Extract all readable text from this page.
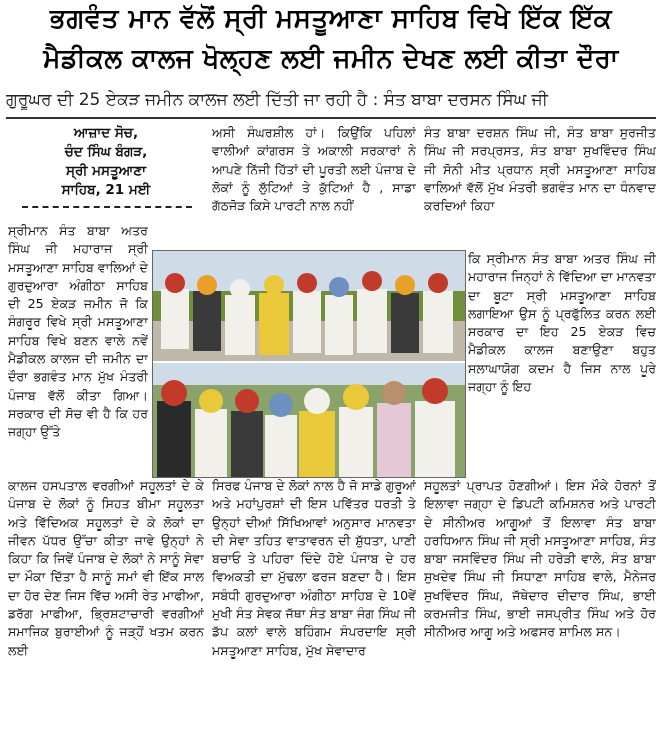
ਭਗਵੰਤ ਮਾਨ ਵੱਲੋਂ ਸ੍ਰੀ ਮਸਤੂਆਣਾ ਸਾਹਿਬ ਵਿਖੇ ਇੱਕ ਇੱਕ
ਮੈਡੀਕਲ ਕਾਲਜ ਖੋਲ੍ਹਣ ਲਈ ਜਮੀਨ ਦੇਖਣ ਲਈ ਕੀਤਾ ਦੌਰਾ
ਗੁਰੂਘਰ ਦੀ 25 ਏਕੜ ਜਮੀਨ ਕਾਲਜ ਲਈ ਦਿੱਤੀ ਜਾ ਰਹੀ ਹੈ : ਸੰਤ ਬਾਬਾ ਦਰਸਨ ਸਿੰਘ ਜੀ
ਆਜ਼ਾਦ ਸੋਚ,
ਚੰਦ ਸਿੰਘ ਬੰਗੜ,
ਸ੍ਰੀ ਮਸਤੂਆਣਾ
ਸਾਹਿਬ, 21 ਮਈ
ਸ੍ਰੀਮਾਨ ਸੰਤ ਬਾਬਾ ਅਤਰ ਸਿੰਘ ਜੀ ਮਹਾਰਾਜ ਸ੍ਰੀ ਮਸਤੂਆਣਾ ਸਾਹਿਬ ਵਾਲਿਆਂ ਦੇ ਗੁਰਦੁਆਰਾ ਅੰਗੀਠਾ ਸਾਹਿਬ ਦੀ 25 ਏਕੜ ਜਮੀਨ ਜੋ ਕਿ ਸੰਗਰੂਰ ਵਿਖੇ ਸ੍ਰੀ ਮਸਤੂਆਣਾ ਸਾਹਿਬ ਵਿਖੇ ਬਣਨ ਵਾਲੇ ਨਵੇਂ ਮੈਡੀਕਲ ਕਾਲਜ ਦੀ ਜਮੀਨ ਦਾ ਦੌਰਾ ਭਗਵੰਤ ਮਾਨ ਮੁੱਖ ਮੰਤਰੀ ਪੰਜਾਬ ਵੱਲੋਂ ਕੀਤਾ ਗਿਆ। ਸਰਕਾਰ ਦੀ ਸੋਚ ਵੀ ਹੈ ਕਿ ਹਰ ਜਗ੍ਹਾ ਉੱਤੇ
ਕਾਲਜ ਹਸਪਤਾਲ ਵਰਗੀਆਂ ਸਹੂਲਤਾਂ ਦੇ ਕੇ ਪੰਜਾਬ ਦੇ ਲੋਕਾਂ ਨੂੰ ਸਿਹਤ ਬੀਮਾ ਸਹੂਲਤਾ ਅਤੇ ਵਿੱਦਿਅਕ ਸਹੂਲਤਾਂ ਦੇ ਕੇ ਲੋਕਾਂ ਦਾ ਜੀਵਨ ਪੱਧਰ ਉੱਚਾ ਕੀਤਾ ਜਾਵੇ ਉਨ੍ਹਾਂ ਨੇ ਕਿਹਾ ਕਿ ਜਿਵੇਂ ਪੰਜਾਬ ਦੇ ਲੋਕਾਂ ਨੇ ਸਾਨੂੰ ਸੇਵਾ ਦਾ ਮੌਕਾ ਦਿੱਤਾ ਹੈ ਸਾਨੂੰ ਸਮਾਂ ਵੀ ਇੱਕ ਸਾਲ ਦਾ ਹੋਰ ਦੇਣ ਜਿਸ ਵਿੱਚ ਅਸੀ ਰੇਤ ਮਾਫੀਆ, ਡਰੱਗ ਮਾਫੀਆ, ਭ੍ਰਿਸ਼ਟਾਚਾਰੀ ਵਰਗੀਆਂ ਸਮਾਜਿਕ ਬੁਰਾਈਆਂ ਨੂੰ ਜੜ੍ਹੋਂ ਖਤਮ ਕਰਨ ਲਈ
ਅਸੀ ਸੰਘਰਸ਼ੀਲ ਹਾਂ। ਕਿਉਂਕਿ ਪਹਿਲਾਂ ਵਾਲੀਆਂ ਕਾਂਗਰਸ ਤੇ ਅਕਾਲੀ ਸਰਕਾਰਾਂ ਨੇ ਆਪਣੇ ਨਿੱਜੀ ਹਿੱਤਾਂ ਦੀ ਪੂਰਤੀ ਲਈ ਪੰਜਾਬ ਦੇ ਲੋਕਾਂ ਨੂੰ ਲੁੱਟਿਆਂ ਤੇ ਕੁੱਟਿਆਂ ਹੈ , ਸਾਡਾ ਗੱਠਜੋੜ ਕਿਸੇ ਪਾਰਟੀ ਨਾਲ ਨਹੀਂ
ਸਿਰਫ ਪੰਜਾਬ ਦੇ ਲੋਕਾਂ ਨਾਲ ਹੈ ਜੋ ਸਾਡੇ ਗੁਰੂਆਂ ਅਤੇ ਮਹਾਂਪੁਰਸ਼ਾਂ ਦੀ ਇਸ ਪਵਿੱਤਰ ਧਰਤੀ ਤੇ ਉਨ੍ਹਾਂ ਦੀਆਂ ਸਿੱਖਿਆਵਾਂ ਅਨੁਸਾਰ ਮਾਨਵਤਾ ਦੀ ਸੇਵਾ ਤਹਿਤ ਵਾਤਾਵਰਨ ਦੀ ਸ਼ੁੱਧਤਾ, ਪਾਣੀ ਬਚਾਓ ਤੇ ਪਹਿਰਾ ਦਿੰਦੇ ਹੋਏ ਪੰਜਾਬ ਦੇ ਹਰ ਵਿਅਕਤੀ ਦਾ ਮੁੱਢਲਾ ਫਰਜ ਬਣਦਾ ਹੈ। ਇਸ ਸਬੰਧੀ ਗੁਰਦੁਆਰਾ ਅੰਗੀਠਾ ਸਾਹਿਬ ਦੇ 10ਵੇਂ ਮੁਖੀ ਸੰਤ ਸੇਵਕ ਜੱਥਾ ਸੰਤ ਬਾਬਾ ਜੰਗ ਸਿੰਘ ਜੀ ਡੱਪ ਕਲਾਂ ਵਾਲੇ ਬਹਿੰਗਮ ਸੰਪਰਦਾਇ ਸ੍ਰੀ ਮਸਤੂਆਣਾ ਸਾਹਿਬ, ਮੁੱਖ ਸੇਵਾਦਾਰ
ਸੰਤ ਬਾਬਾ ਦਰਸ਼ਨ ਸਿੰਘ ਜੀ, ਸੰਤ ਬਾਬਾ ਸੁਰਜੀਤ ਸਿੰਘ ਜੀ ਸਰਪ੍ਰਸਤ, ਸੰਤ ਬਾਬਾ ਸੁਖਵਿੰਦਰ ਸਿੰਘ ਜੀ ਸੋਨੀ ਮੀਤ ਪ੍ਰਧਾਨ ਸ੍ਰੀ ਮਸਤੂਆਣਾ ਸਾਹਿਬ ਵਾਲਿਆਂ ਵੱਲੋਂ ਮੁੱਖ ਮੰਤਰੀ ਭਗਵੰਤ ਮਾਨ ਦਾ ਧੰਨਵਾਦ ਕਰਦਿਆਂ ਕਿਹਾ
ਕਿ ਸ੍ਰੀਮਾਨ ਸੰਤ ਬਾਬਾ ਅਤਰ ਸਿੰਘ ਜੀ ਮਹਾਰਾਜ ਜਿਨ੍ਹਾਂ ਨੇ ਵਿੱਦਿਆ ਦਾ ਮਾਨਵਤਾ ਦਾ ਬੂਟਾ ਸ੍ਰੀ ਮਸਤੂਆਣਾ ਸਾਹਿਬ ਲਗਾਇਆ ਉਸ ਨੂੰ ਪ੍ਰਫੁੱਲਿਤ ਕਰਨ ਲਈ ਸਰਕਾਰ ਦਾ ਇਹ 25 ਏਕੜ ਵਿਚ ਮੈਡੀਕਲ ਕਾਲਜ ਬਣਾਉਣਾ ਬਹੁਤ ਸਲਾਘਾਯੋਗ ਕਦਮ ਹੈ ਜਿਸ ਨਾਲ ਪੂਰੇ ਜਗ੍ਹਾ ਨੂੰ ਇਹ
ਸਹੂਲਤਾਂ ਪ੍ਰਾਪਤ ਹੋਣਗੀਆਂ। ਇਸ ਮੌਕੇ ਹੋਰਨਾਂ ਤੋਂ ਇਲਾਵਾ ਜਗ੍ਹਾ ਦੇ ਡਿਪਟੀ ਕਮਿਸ਼ਨਰ ਅਤੇ ਪਾਰਟੀ ਦੇ ਸੀਨੀਅਰ ਆਗੂਆਂ ਤੋਂ ਇਲਾਵਾ ਸੰਤ ਬਾਬਾ ਹਰਧਿਆਨ ਸਿੰਘ ਜੀ ਸ੍ਰੀ ਮਸਤੂਆਣਾ ਸਾਹਿਬ, ਸੰਤ ਬਾਬਾ ਜਸਵਿੰਦਰ ਸਿੰਘ ਜੀ ਹਰੇੜੀ ਵਾਲੇ, ਸੰਤ ਬਾਬਾ ਸੁਖਦੇਵ ਸਿੰਘ ਜੀ ਸਿਧਾਣਾ ਸਾਹਿਬ ਵਾਲੇ, ਮੈਨੇਜਰ ਸੁਖਵਿੰਦਰ ਸਿੰਘ, ਜੱਥੇਦਾਰ ਦੀਦਾਰ ਸਿੰਘ, ਭਾਈ ਕਰਮਜੀਤ ਸਿੰਘ, ਭਾਈ ਜਸਪ੍ਰੀਤ ਸਿੰਘ ਅਤੇ ਹੋਰ ਸੀਨੀਅਰ ਆਗੂ ਅਤੇ ਅਫਸਰ ਸ਼ਾਮਿਲ ਸਨ।
